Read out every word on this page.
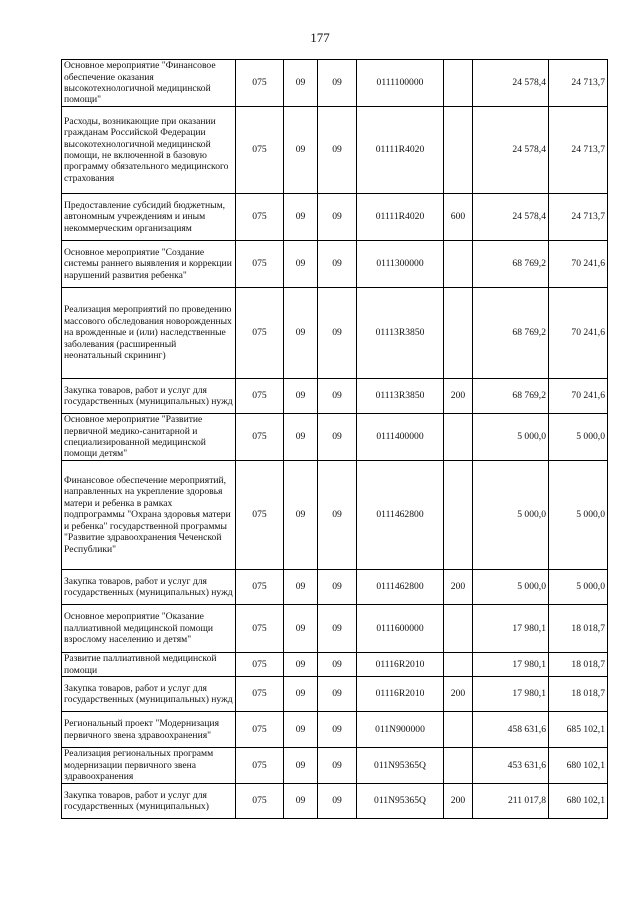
177
Основное мероприятие "Финансовое обеспечение оказания высокотехнологичной медицинской помощи"	075	09	09	0111100000		24 578,4	24 713,7
Расходы, возникающие при оказании гражданам Российской Федерации высокотехнологичной медицинской помощи, не включенной в базовую программу обязательного медицинского страхования	075	09	09	01111R4020		24 578,4	24 713,7
Предоставление субсидий бюджетным, автономным учреждениям и иным некоммерческим организациям	075	09	09	01111R4020	600	24 578,4	24 713,7
Основное мероприятие "Создание системы раннего выявления и коррекции нарушений развития ребенка"	075	09	09	0111300000		68 769,2	70 241,6
Реализация мероприятий по проведению массового обследования новорожденных на врожденные и (или) наследственные заболевания (расширенный неонатальный скрининг)	075	09	09	01113R3850		68 769,2	70 241,6
Закупка товаров, работ и услуг для государственных (муниципальных) нужд	075	09	09	01113R3850	200	68 769,2	70 241,6
Основное мероприятие "Развитие первичной медико-санитарной и специализированной медицинской помощи детям"	075	09	09	0111400000		5 000,0	5 000,0
Финансовое обеспечение мероприятий, направленных на укрепление здоровья матери и ребенка в рамках подпрограммы "Охрана здоровья матери и ребенка" государственной программы "Развитие здравоохранения Чеченской Республики"	075	09	09	0111462800		5 000,0	5 000,0
Закупка товаров, работ и услуг для государственных (муниципальных) нужд	075	09	09	0111462800	200	5 000,0	5 000,0
Основное мероприятие "Оказание паллиативной медицинской помощи взрослому населению и детям"	075	09	09	0111600000		17 980,1	18 018,7
Развитие паллиативной медицинской помощи	075	09	09	01116R2010		17 980,1	18 018,7
Закупка товаров, работ и услуг для государственных (муниципальных) нужд	075	09	09	01116R2010	200	17 980,1	18 018,7
Региональный проект "Модернизация первичного звена здравоохранения"	075	09	09	011N900000		458 631,6	685 102,1
Реализация региональных программ модернизации первичного звена здравоохранения	075	09	09	011N95365Q		453 631,6	680 102,1
Закупка товаров, работ и услуг для государственных (муниципальных)	075	09	09	011N95365Q	200	211 017,8	680 102,1
